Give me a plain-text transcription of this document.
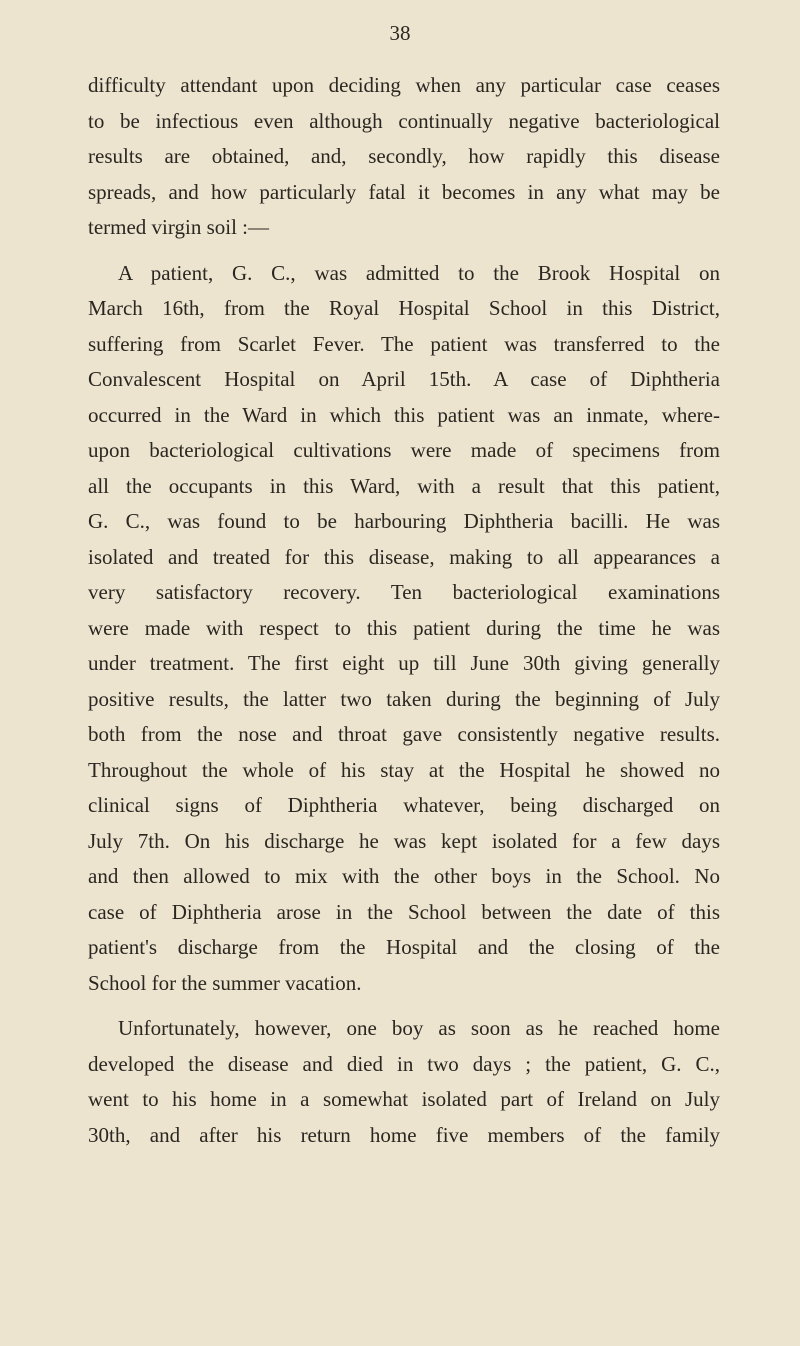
38

difficulty attendant upon deciding when any particular case ceases
to be infectious even although continually negative bacteriological
results are obtained, and, secondly, how rapidly this disease
spreads, and how particularly fatal it becomes in any what may be
termed virgin soil :—

A patient, G. C., was admitted to the Brook Hospital on
March 16th, from the Royal Hospital School in this District,
suffering from Scarlet Fever. The patient was transferred to the
Convalescent Hospital on April 15th. A case of Diphtheria
occurred in the Ward in which this patient was an inmate, where-
upon bacteriological cultivations were made of specimens from
all the occupants in this Ward, with a result that this patient,
G. C., was found to be harbouring Diphtheria bacilli. He was
isolated and treated for this disease, making to all appearances a
very satisfactory recovery. Ten bacteriological examinations
were made with respect to this patient during the time he was
under treatment. The first eight up till June 30th giving generally
positive results, the latter two taken during the beginning of July
both from the nose and throat gave consistently negative results.
Throughout the whole of his stay at the Hospital he showed no
clinical signs of Diphtheria whatever, being discharged on
July 7th. On his discharge he was kept isolated for a few days
and then allowed to mix with the other boys in the School. No
case of Diphtheria arose in the School between the date of this
patient's discharge from the Hospital and the closing of the
School for the summer vacation.

Unfortunately, however, one boy as soon as he reached home
developed the disease and died in two days ; the patient, G. C.,
went to his home in a somewhat isolated part of Ireland on July
30th, and after his return home five members of the family
